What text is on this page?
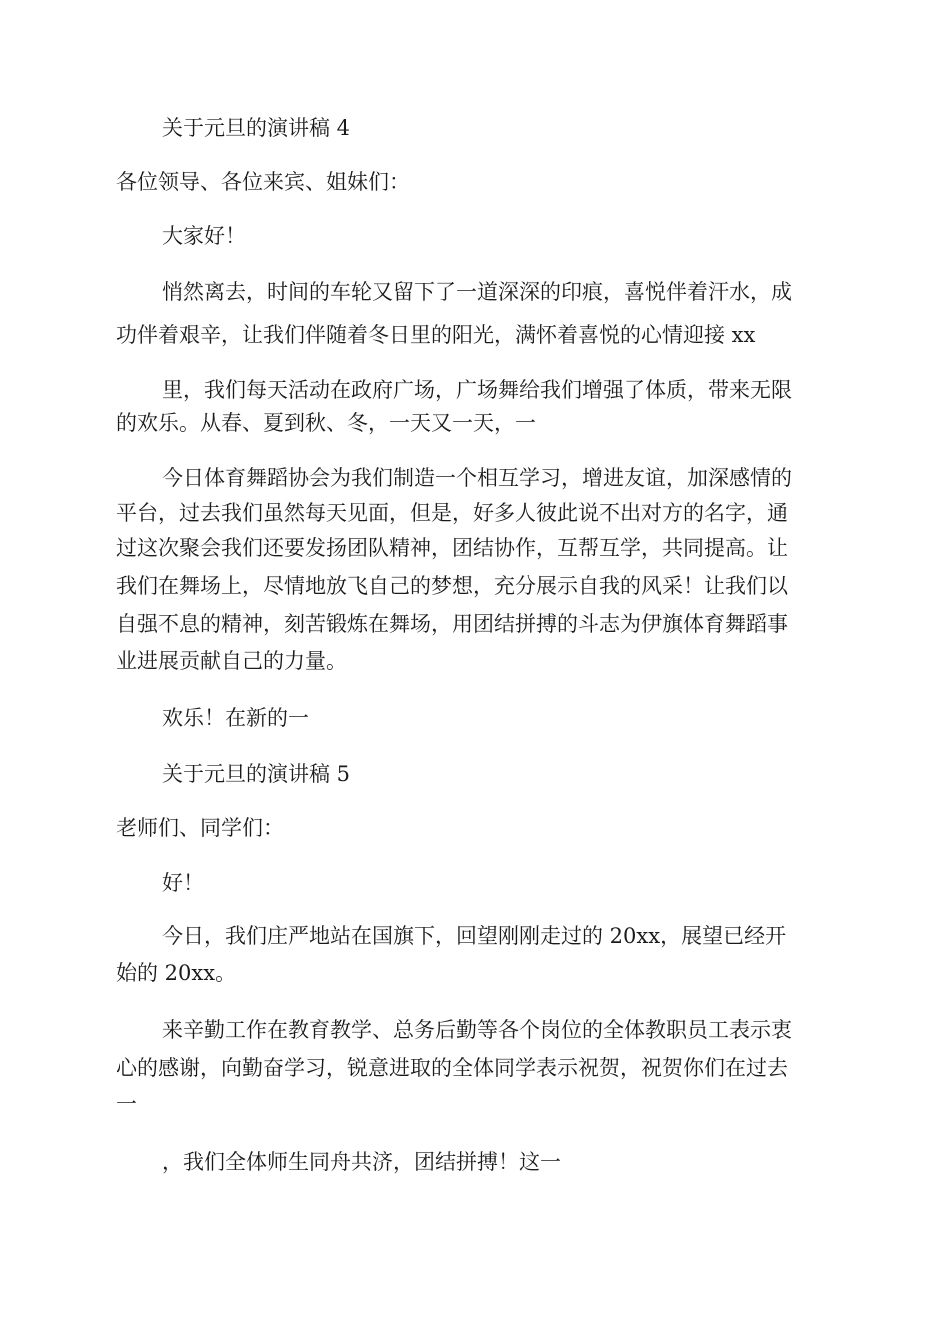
关于元旦的演讲稿 4

各位领导、各位来宾、姐妹们：

大家好！

悄然离去，时间的车轮又留下了一道深深的印痕，喜悦伴着汗水，成

功伴着艰辛，让我们伴随着冬日里的阳光，满怀着喜悦的心情迎接 xx

里，我们每天活动在政府广场，广场舞给我们增强了体质，带来无限

的欢乐。从春、夏到秋、冬，一天又一天，一

今日体育舞蹈协会为我们制造一个相互学习，增进友谊，加深感情的

平台，过去我们虽然每天见面，但是，好多人彼此说不出对方的名字，通

过这次聚会我们还要发扬团队精神，团结协作，互帮互学，共同提高。让

我们在舞场上，尽情地放飞自己的梦想，充分展示自我的风采！让我们以

自强不息的精神，刻苦锻炼在舞场，用团结拼搏的斗志为伊旗体育舞蹈事

业进展贡献自己的力量。

欢乐！在新的一

关于元旦的演讲稿 5

老师们、同学们：

好！

今日，我们庄严地站在国旗下，回望刚刚走过的 20xx，展望已经开

始的 20xx。

来辛勤工作在教育教学、总务后勤等各个岗位的全体教职员工表示衷

心的感谢，向勤奋学习，锐意进取的全体同学表示祝贺，祝贺你们在过去

一

，我们全体师生同舟共济，团结拼搏！这一
